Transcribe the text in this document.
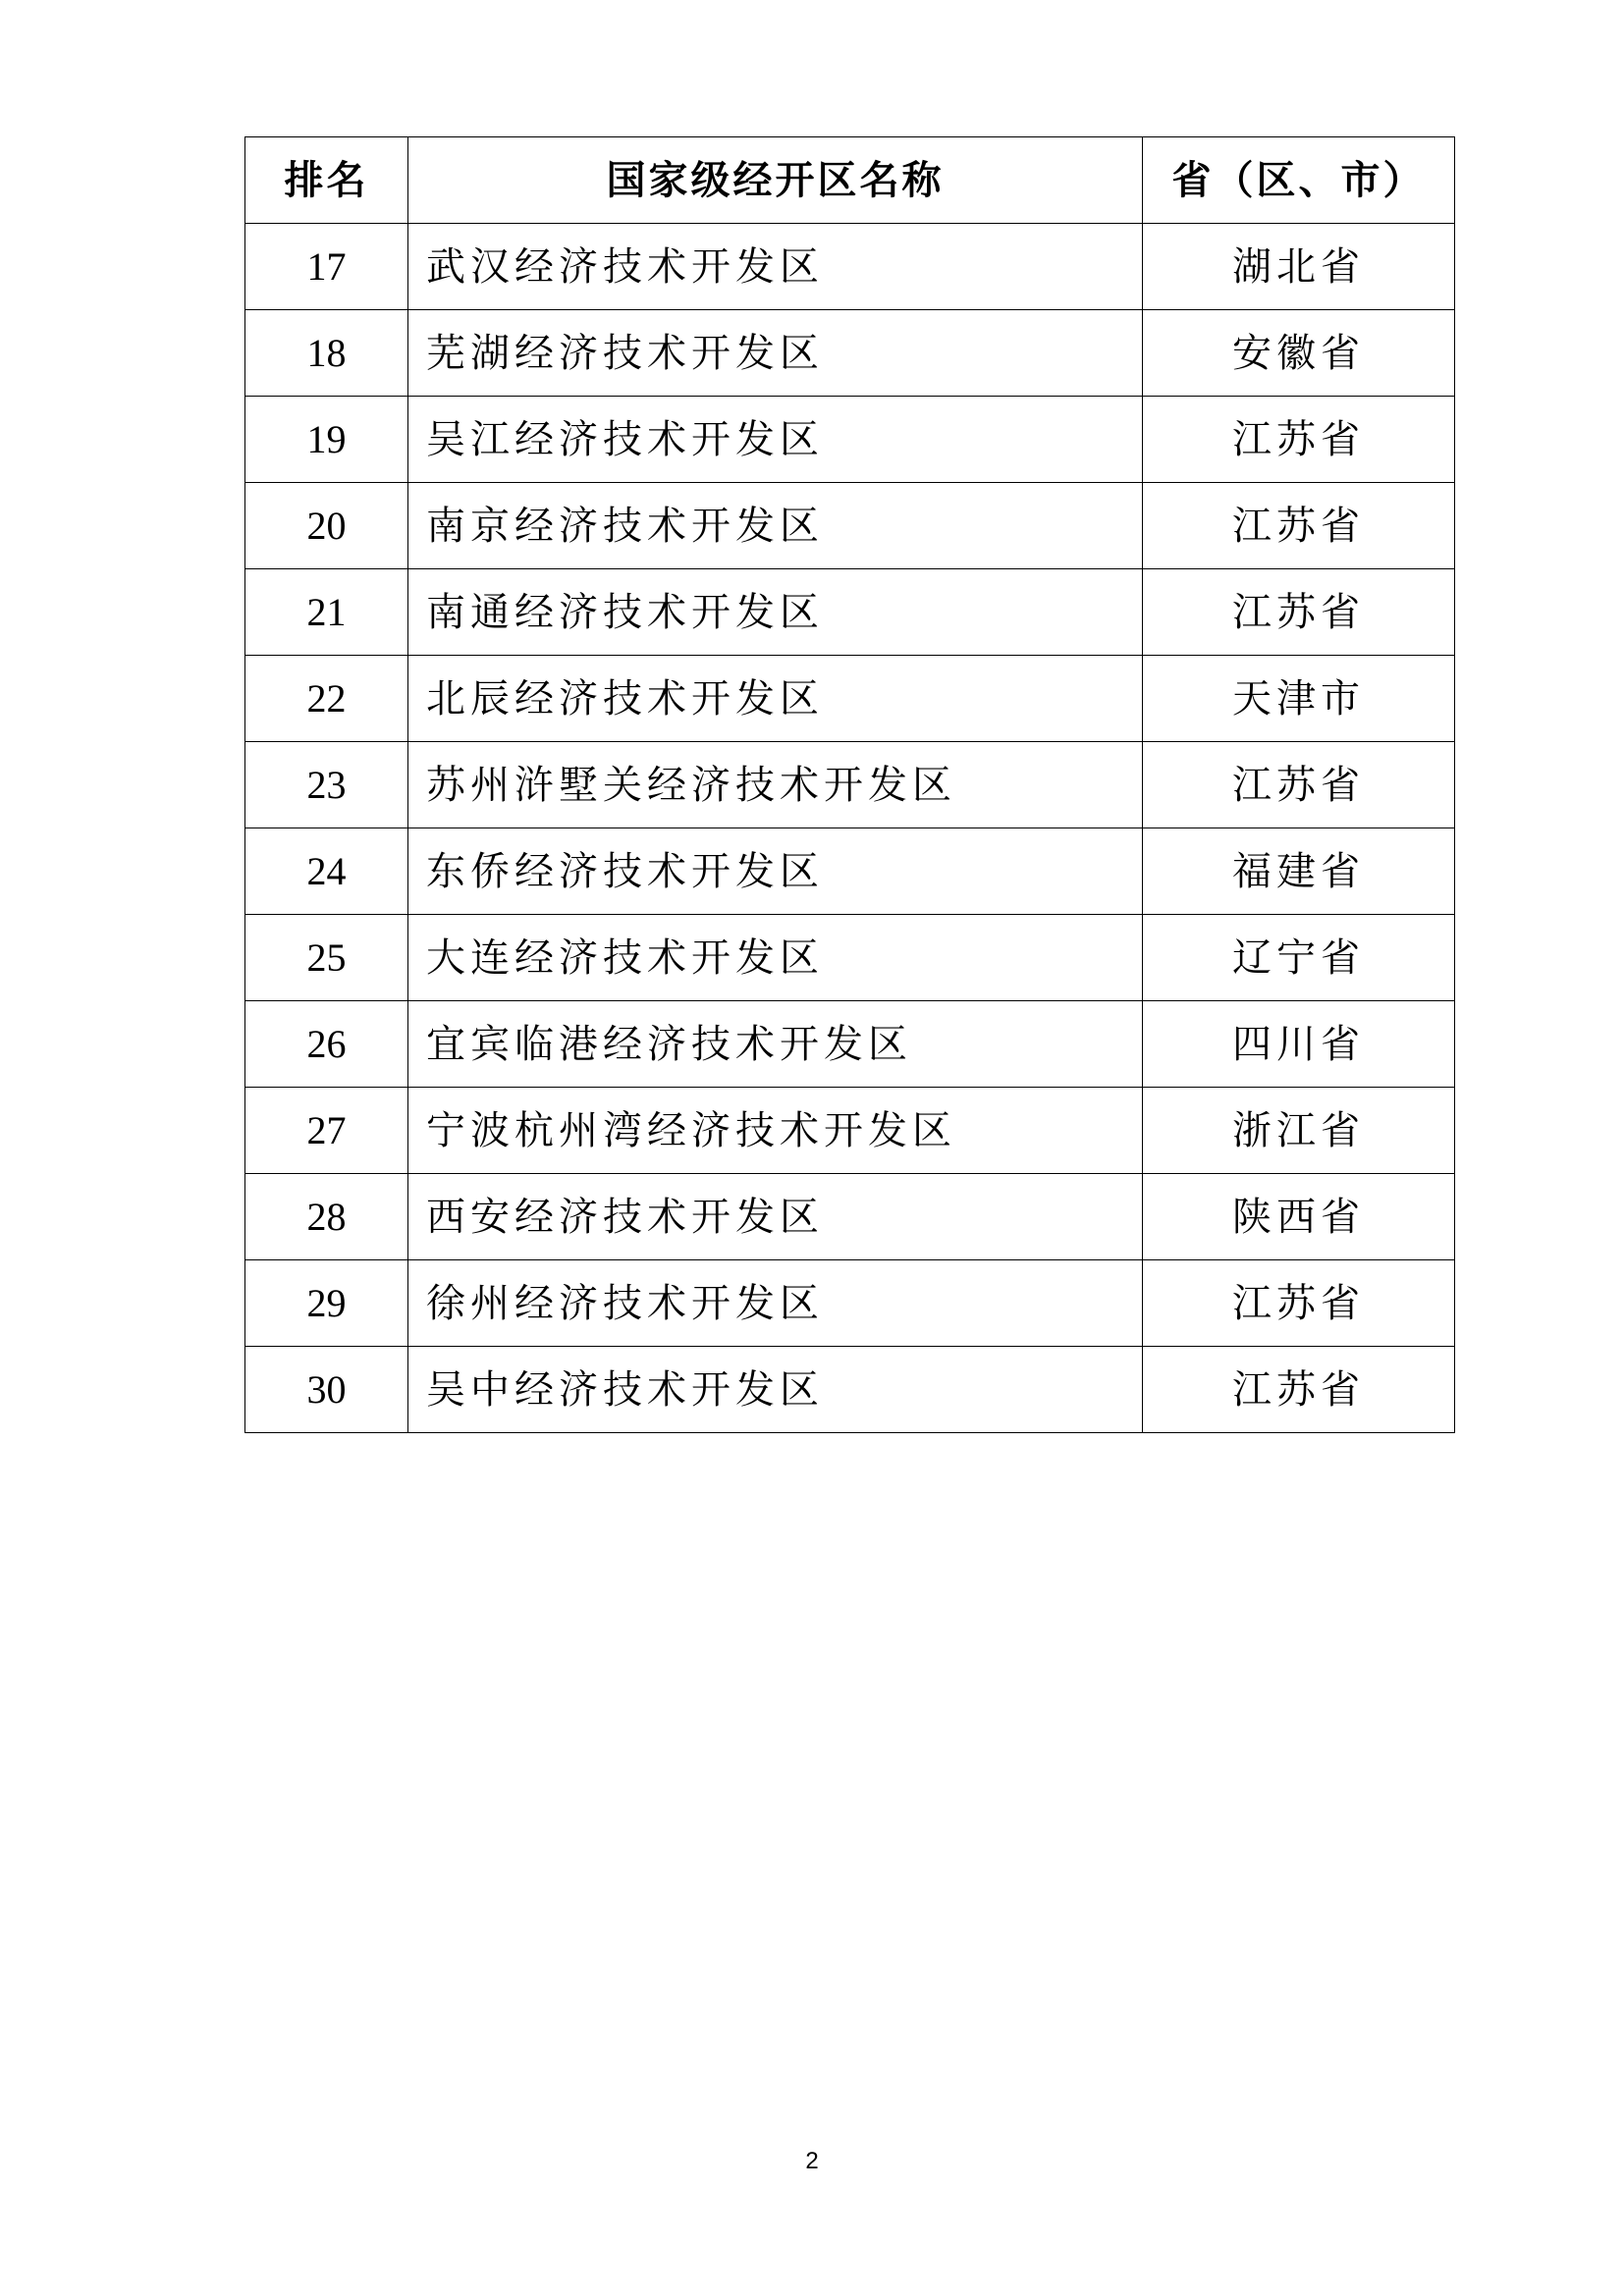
排名	国家级经开区名称	省（区、市）
17	武汉经济技术开发区	湖北省
18	芜湖经济技术开发区	安徽省
19	吴江经济技术开发区	江苏省
20	南京经济技术开发区	江苏省
21	南通经济技术开发区	江苏省
22	北辰经济技术开发区	天津市
23	苏州浒墅关经济技术开发区	江苏省
24	东侨经济技术开发区	福建省
25	大连经济技术开发区	辽宁省
26	宜宾临港经济技术开发区	四川省
27	宁波杭州湾经济技术开发区	浙江省
28	西安经济技术开发区	陕西省
29	徐州经济技术开发区	江苏省
30	吴中经济技术开发区	江苏省
2
